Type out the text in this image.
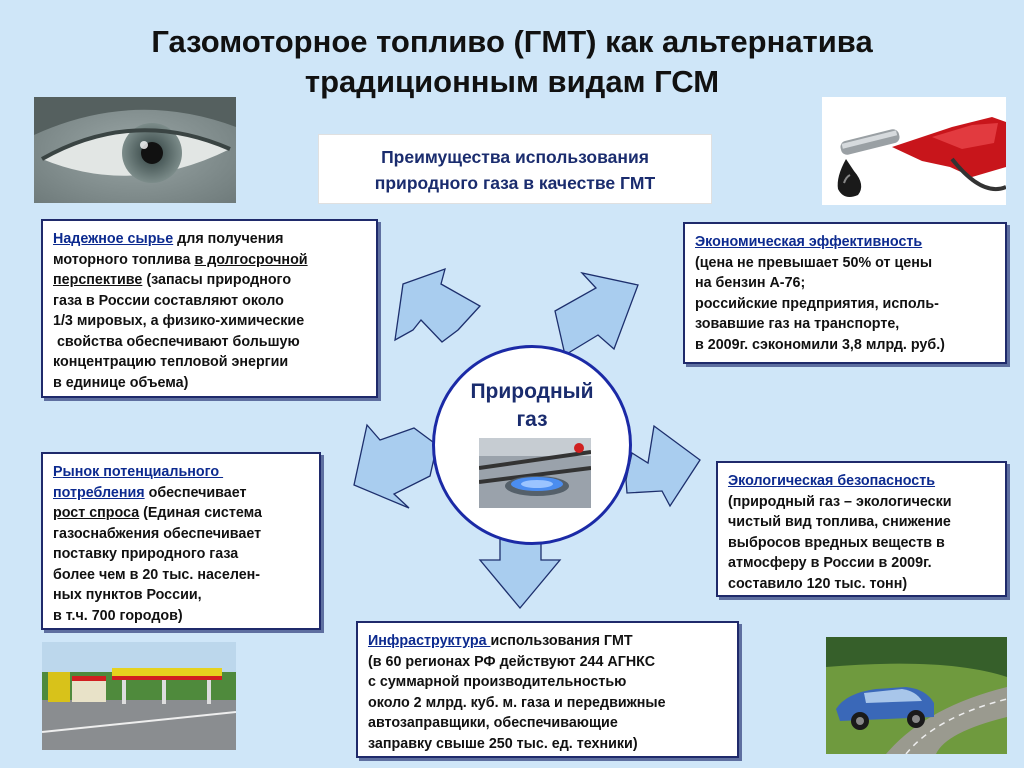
Газомоторное топливо (ГМТ) как альтернатива
традиционным видам ГСМ
Преимущества использования
природного газа в качестве ГМТ
Природный
газ

Надежное сырье для получения

моторного топлива в долгосрочной

перспективе (запасы природного

газа в России составляют около

1/3 мировых, а физико-химические

свойства обеспечивают большую

концентрацию тепловой энергии

в единице объема)

Экономическая эффективность

(цена не превышает 50% от цены

на бензин А-76;

российские предприятия, исполь-

зовавшие газ на транспорте,

в 2009г. сэкономили 3,8 млрд. руб.)

Рынок потенциального

потребления обеспечивает

рост спроса (Единая система

газоснабжения обеспечивает

поставку природного газа

более чем в 20 тыс. населен-

ных пунктов России,

в т.ч. 700 городов)

Экологическая безопасность

(природный газ – экологически

чистый вид топлива, снижение

выбросов вредных веществ в

атмосферу в России в 2009г.

составило 120 тыс. тонн)

Инфраструктура использования ГМТ

(в 60 регионах РФ действуют 244 АГНКС

с суммарной производительностью

около 2 млрд. куб. м. газа и передвижные

автозаправщики, обеспечивающие

заправку свыше 250 тыс. ед. техники)
